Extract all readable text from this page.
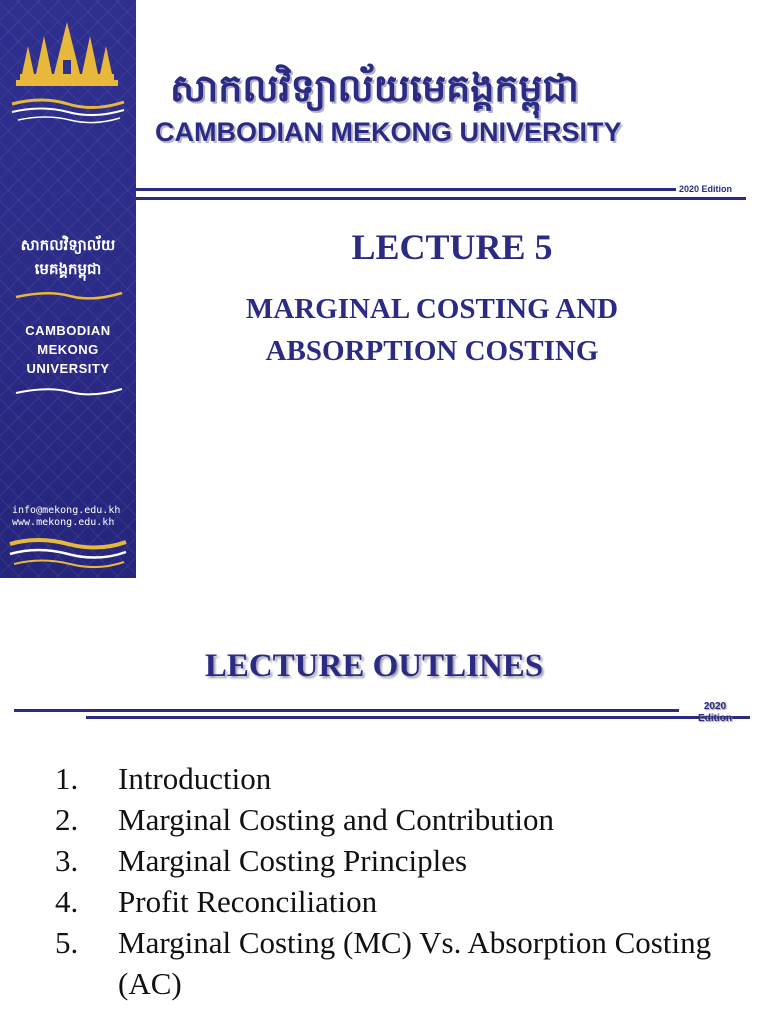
សាកលវិទ្យាល័យ
មេគង្គកម្ពុជា
CAMBODIAN
MEKONG
UNIVERSITY
info@mekong.edu.kh
www.mekong.edu.kh
សាកលវិទ្យាល័យមេគង្គកម្ពុជា
CAMBODIAN MEKONG UNIVERSITY
2020 Edition
LECTURE 5
MARGINAL COSTING AND
ABSORPTION COSTING
LECTURE OUTLINES
2020
Edition
1.	Introduction
2.	Marginal Costing and Contribution
3.	Marginal Costing Principles
4.	Profit Reconciliation
5.	Marginal Costing (MC) Vs. Absorption Costing (AC)
